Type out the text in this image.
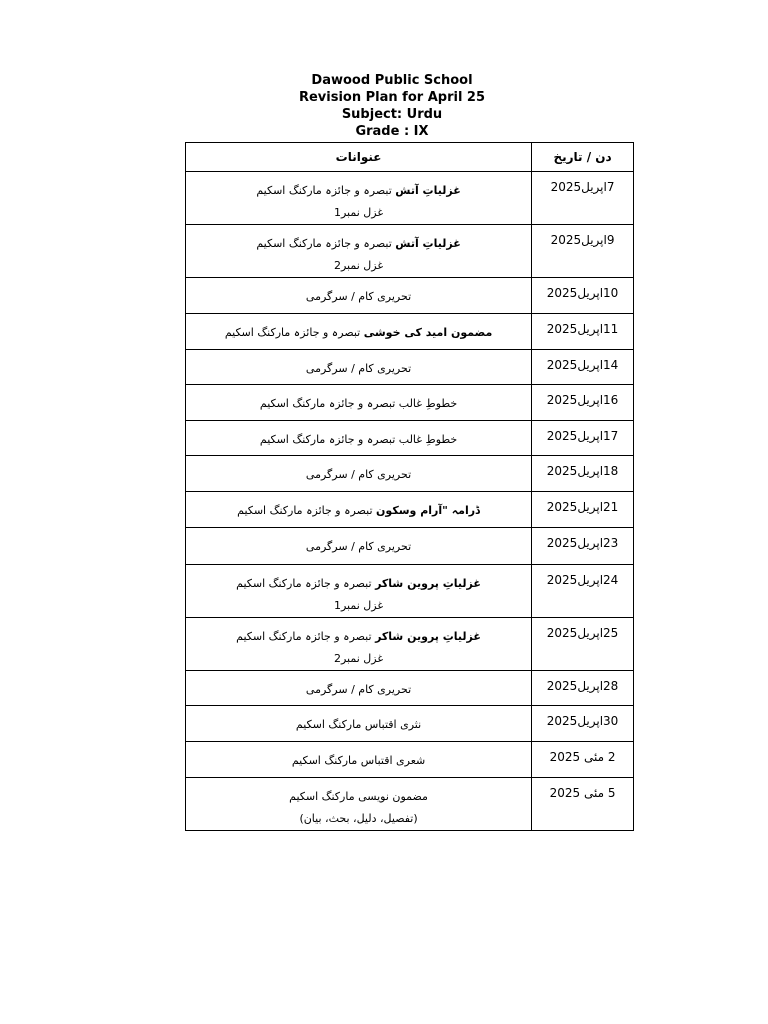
Dawood Public School
Revision Plan for April 25
Subject: Urdu
Grade : IX
دن / تاریخ	عنوانات
7اپریل2025	غزلیاتِ آتش تبصرہ و جائزہ مارکنگ اسکیم
غزل نمبر1

9اپریل2025	غزلیاتِ آتش تبصرہ و جائزہ مارکنگ اسکیم
غزل نمبر2

10اپریل2025	تحریری کام / سرگرمی

11اپریل2025	مضمون امید کی خوشی تبصرہ و جائزہ مارکنگ اسکیم

14اپریل2025	تحریری کام / سرگرمی

16اپریل2025	خطوطِ غالب تبصرہ و جائزہ مارکنگ اسکیم

17اپریل2025	خطوطِ غالب تبصرہ و جائزہ مارکنگ اسکیم

18اپریل2025	تحریری کام / سرگرمی

21اپریل2025	ڈرامہ "آرام وسکون تبصرہ و جائزہ مارکنگ اسکیم

23اپریل2025	تحریری کام / سرگرمی

24اپریل2025	غزلیاتِ پروین شاکر تبصرہ و جائزہ مارکنگ اسکیم
غزل نمبر1

25اپریل2025	غزلیاتِ پروین شاکر تبصرہ و جائزہ مارکنگ اسکیم
غزل نمبر2

28اپریل2025	تحریری کام / سرگرمی

30اپریل2025	نثری اقتباس مارکنگ اسکیم

2 مئی 2025	شعری اقتباس مارکنگ اسکیم

5 مئی 2025	مضمون نویسی مارکنگ اسکیم
(تفصیل، دلیل، بحث، بیان)
